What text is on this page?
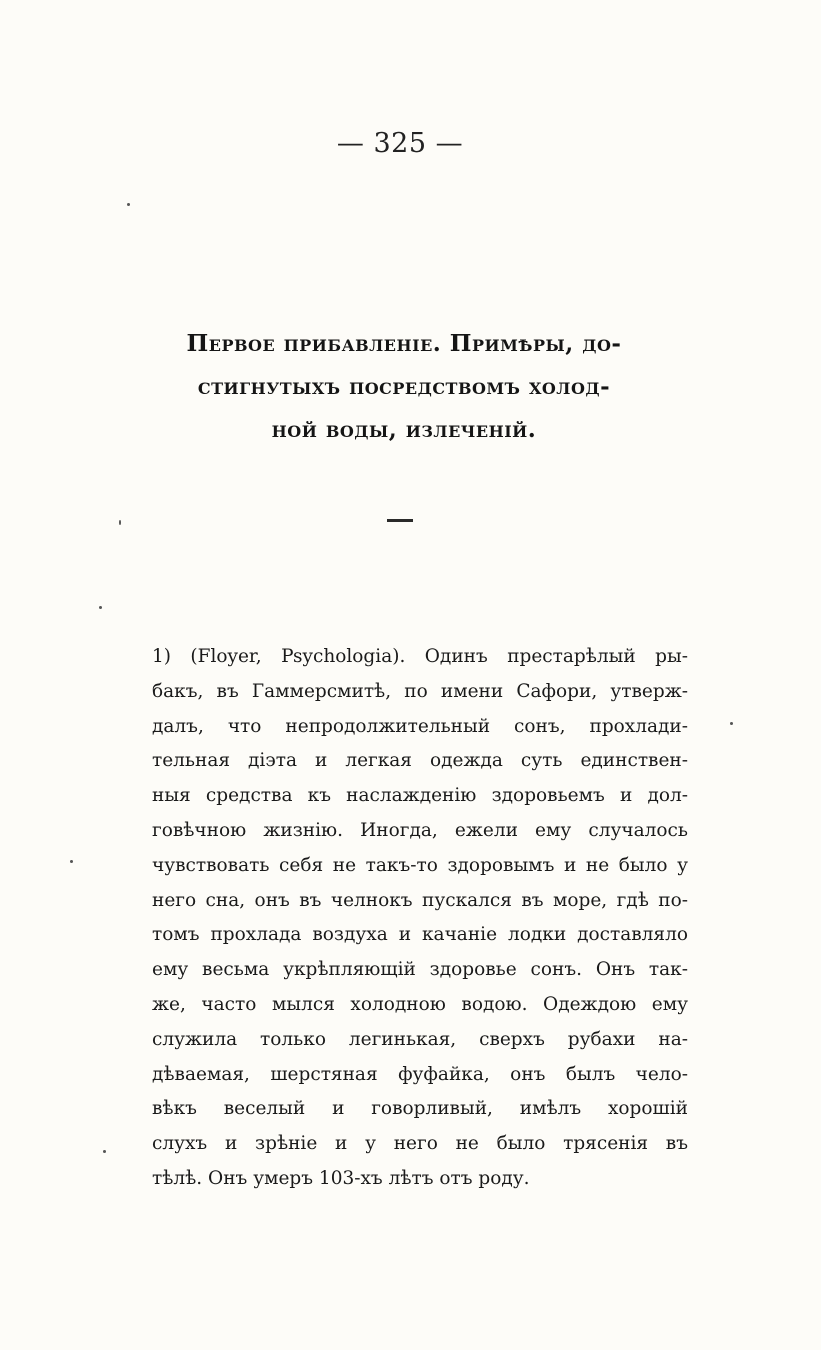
— 325 —
Первое прибавленіе. Примѣры, до-
стигнутыхъ посредствомъ холод-
ной воды, излеченій.
1) (Floyer, Psychologia). Одинъ престарѣлый ры-
бакъ, въ Гаммерсмитѣ, по имени Сафори, утверж-
далъ, что непродолжительный сонъ, прохлади-
тельная діэта и легкая одежда суть единствен-
ныя средства къ наслажденію здоровьемъ и дол-
говѣчною жизнію. Иногда, ежели ему случалось
чувствовать себя не такъ-то здоровымъ и не было у
него сна, онъ въ челнокъ пускался въ море, гдѣ по-
томъ прохлада воздуха и качаніе лодки доставляло
ему весьма укрѣпляющій здоровье сонъ. Онъ так-
же, часто мылся холодною водою. Одеждою ему
служила только легинькая, сверхъ рубахи на-
дѣваемая, шерстяная фуфайка, онъ былъ чело-
вѣкъ веселый и говорливый, имѣлъ хорошій
слухъ и зрѣніе и у него не было трясенія въ
тѣлѣ. Онъ умеръ 103-хъ лѣтъ отъ роду.
